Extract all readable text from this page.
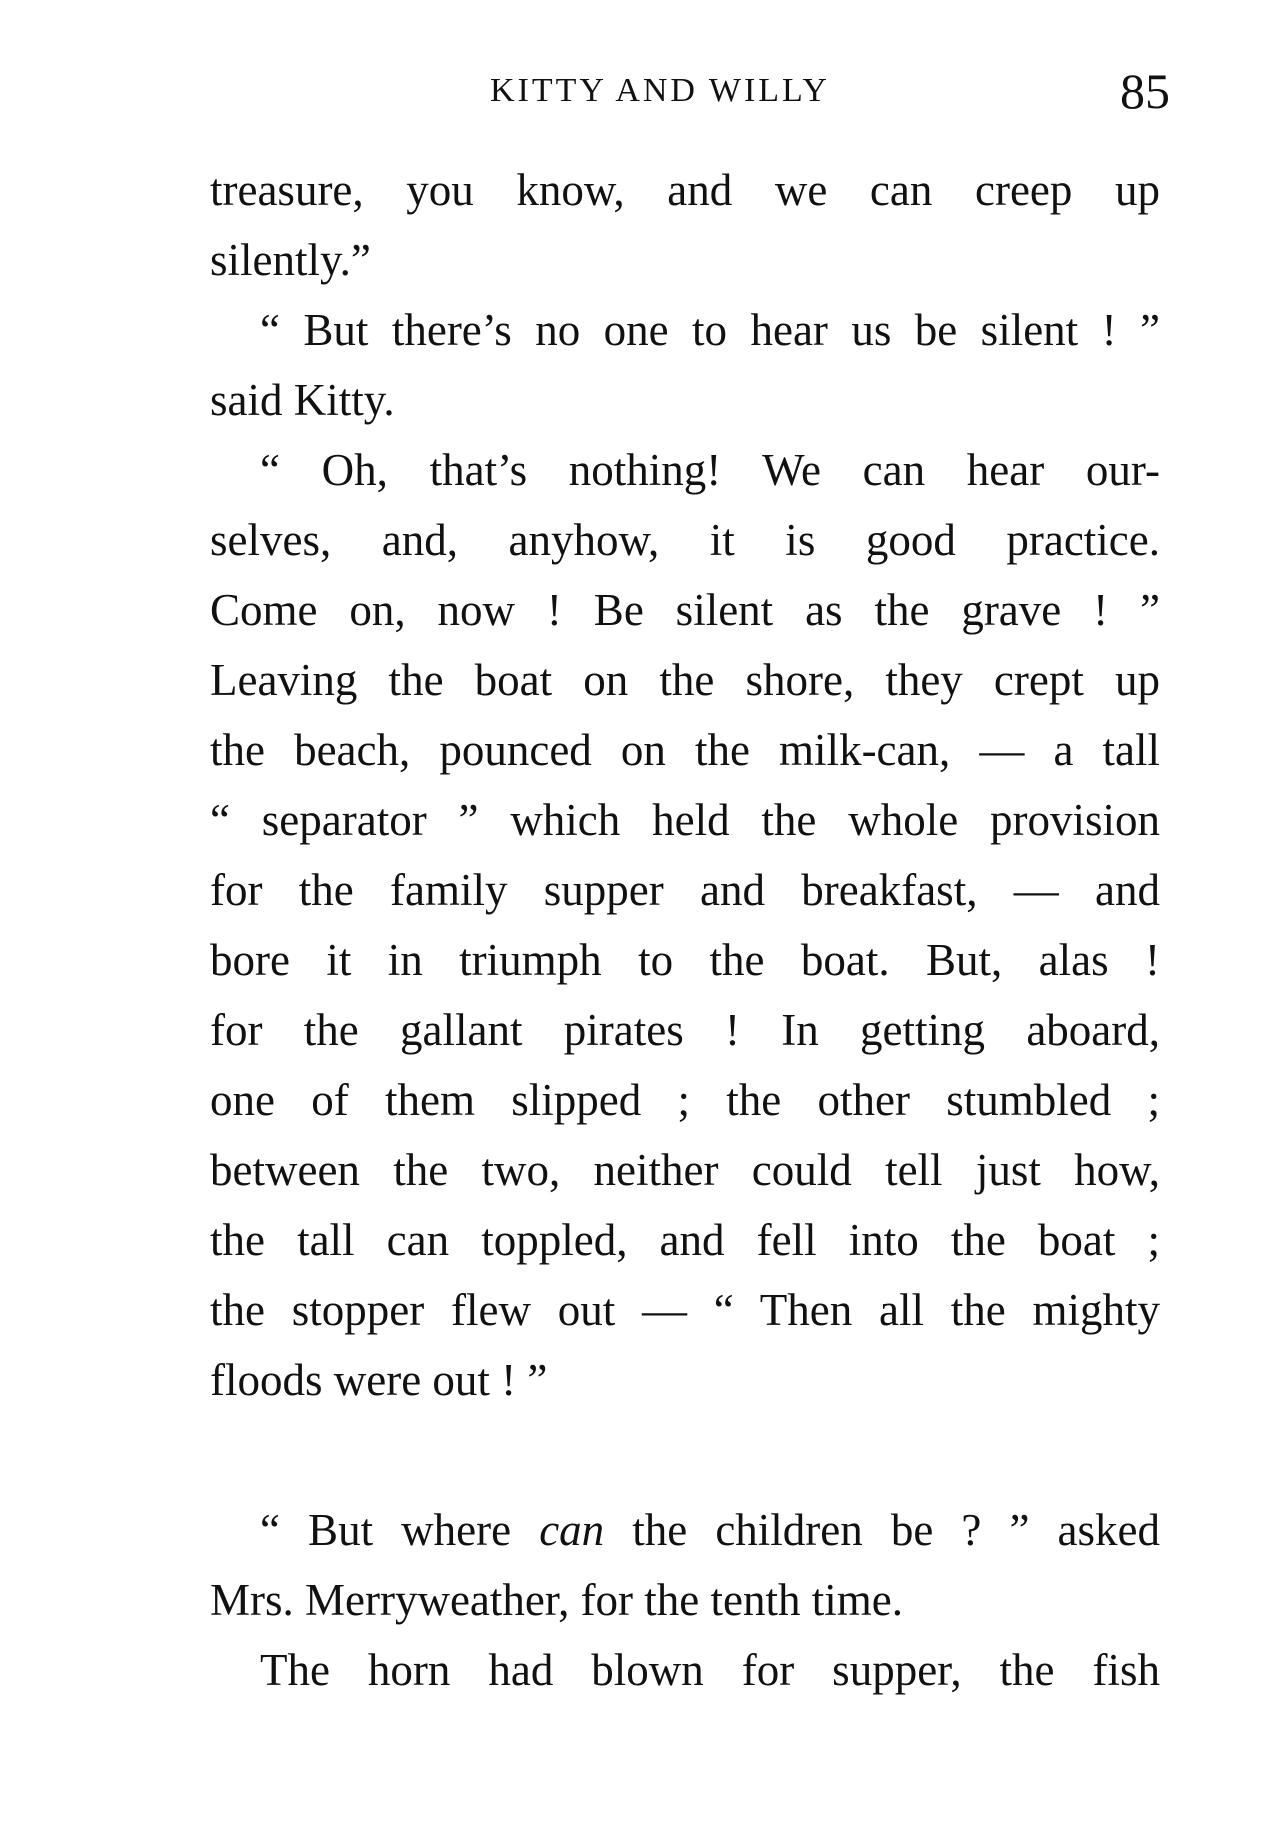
KITTY AND WILLY	85
treasure, you know, and we can creep up
silently.”
“ But there’s no one to hear us be silent ! ”
said Kitty.
“ Oh, that’s nothing! We can hear our-
selves, and, anyhow, it is good practice.
Come on, now ! Be silent as the grave ! ”
Leaving the boat on the shore, they crept up
the beach, pounced on the milk-can, — a tall
“ separator ” which held the whole provision
for the family supper and breakfast, — and
bore it in triumph to the boat. But, alas !
for the gallant pirates ! In getting aboard,
one of them slipped ; the other stumbled ;
between the two, neither could tell just how,
the tall can toppled, and fell into the boat ;
the stopper flew out — “ Then all the mighty
floods were out ! ”
“ But where can the children be ? ” asked
Mrs. Merryweather, for the tenth time.
The horn had blown for supper, the fish
